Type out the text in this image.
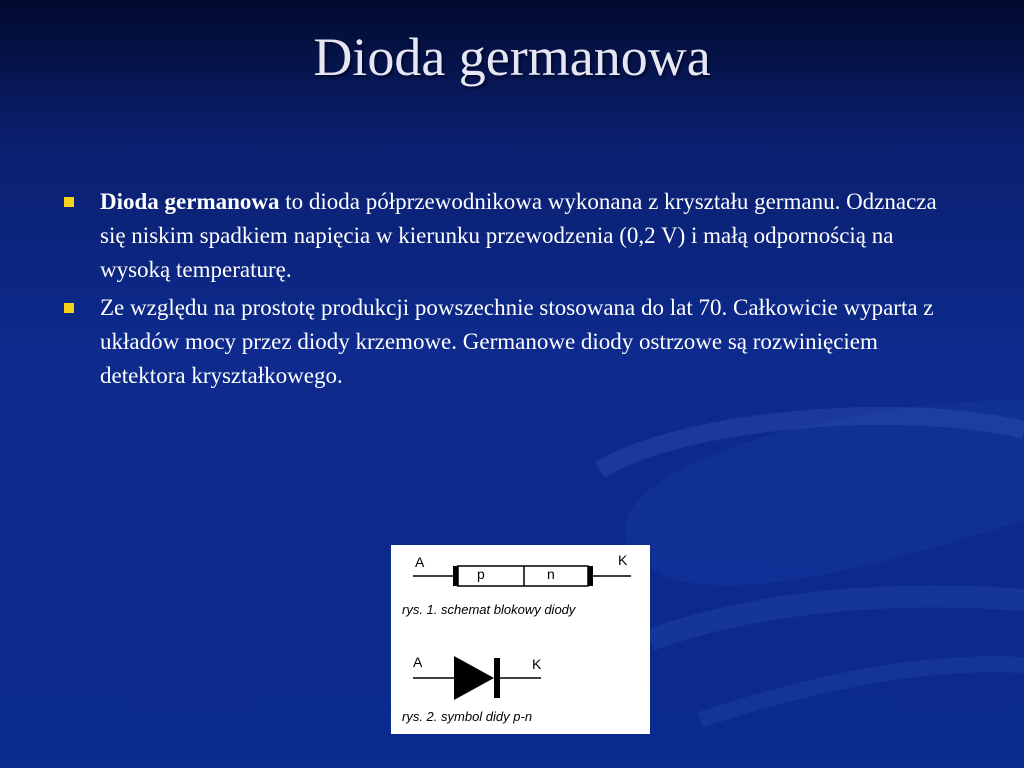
Dioda germanowa
Dioda germanowa to dioda półprzewodnikowa wykonana z kryształu germanu. Odznacza się niskim spadkiem napięcia w kierunku przewodzenia (0,2 V) i małą odpornością na wysoką temperaturę.
Ze względu na prostotę produkcji powszechnie stosowana do lat 70. Całkowicie wyparta z układów mocy przez diody krzemowe. Germanowe diody ostrzowe są rozwinięciem detektora kryształkowego.
A	K
p	n
rys. 1. schemat blokowy diody
A	K
rys. 2. symbol didy p-n
